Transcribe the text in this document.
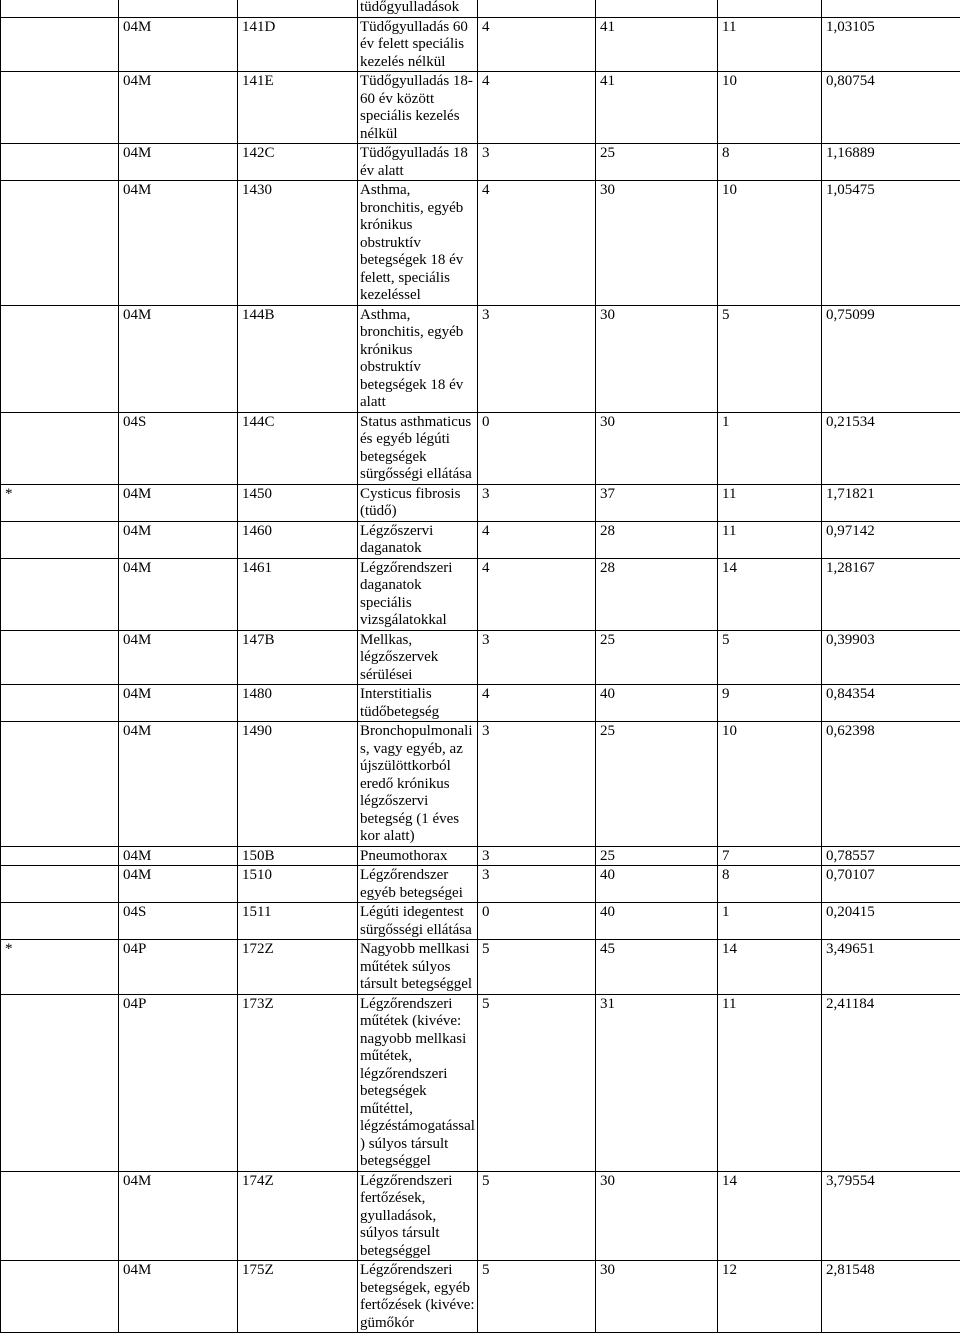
			tüdőgyulladások				
	04M	141D	Tüdőgyulladás 60 év felett speciális kezelés nélkül	4	41	11	1,03105
	04M	141E	Tüdőgyulladás 18-60 év között speciális kezelés nélkül	4	41	10	0,80754
	04M	142C	Tüdőgyulladás 18 év alatt	3	25	8	1,16889
	04M	1430	Asthma, bronchitis, egyéb krónikus obstruktív betegségek 18 év felett, speciális kezeléssel	4	30	10	1,05475
	04M	144B	Asthma, bronchitis, egyéb krónikus obstruktív betegségek 18 év alatt	3	30	5	0,75099
	04S	144C	Status asthmaticus és egyéb légúti betegségek sürgősségi ellátása	0	30	1	0,21534
*	04M	1450	Cysticus fibrosis (tüdő)	3	37	11	1,71821
	04M	1460	Légzőszervi daganatok	4	28	11	0,97142
	04M	1461	Légzőrendszeri daganatok speciális vizsgálatokkal	4	28	14	1,28167
	04M	147B	Mellkas, légzőszervek sérülései	3	25	5	0,39903
	04M	1480	Interstitialis tüdőbetegség	4	40	9	0,84354
	04M	1490	Bronchopulmonalis, vagy egyéb, az újszülöttkorból eredő krónikus légzőszervi betegség (1 éves kor alatt)	3	25	10	0,62398
	04M	150B	Pneumothorax	3	25	7	0,78557
	04M	1510	Légzőrendszer egyéb betegségei	3	40	8	0,70107
	04S	1511	Légúti idegentest sürgősségi ellátása	0	40	1	0,20415
*	04P	172Z	Nagyobb mellkasi műtétek súlyos társult betegséggel	5	45	14	3,49651
	04P	173Z	Légzőrendszeri műtétek (kivéve: nagyobb mellkasi műtétek, légzőrendszeri betegségek műtéttel, légzéstámogatással) súlyos társult betegséggel	5	31	11	2,41184
	04M	174Z	Légzőrendszeri fertőzések, gyulladások, súlyos társult betegséggel	5	30	14	3,79554
	04M	175Z	Légzőrendszeri betegségek, egyéb fertőzések (kivéve: gümőkór	5	30	12	2,81548
